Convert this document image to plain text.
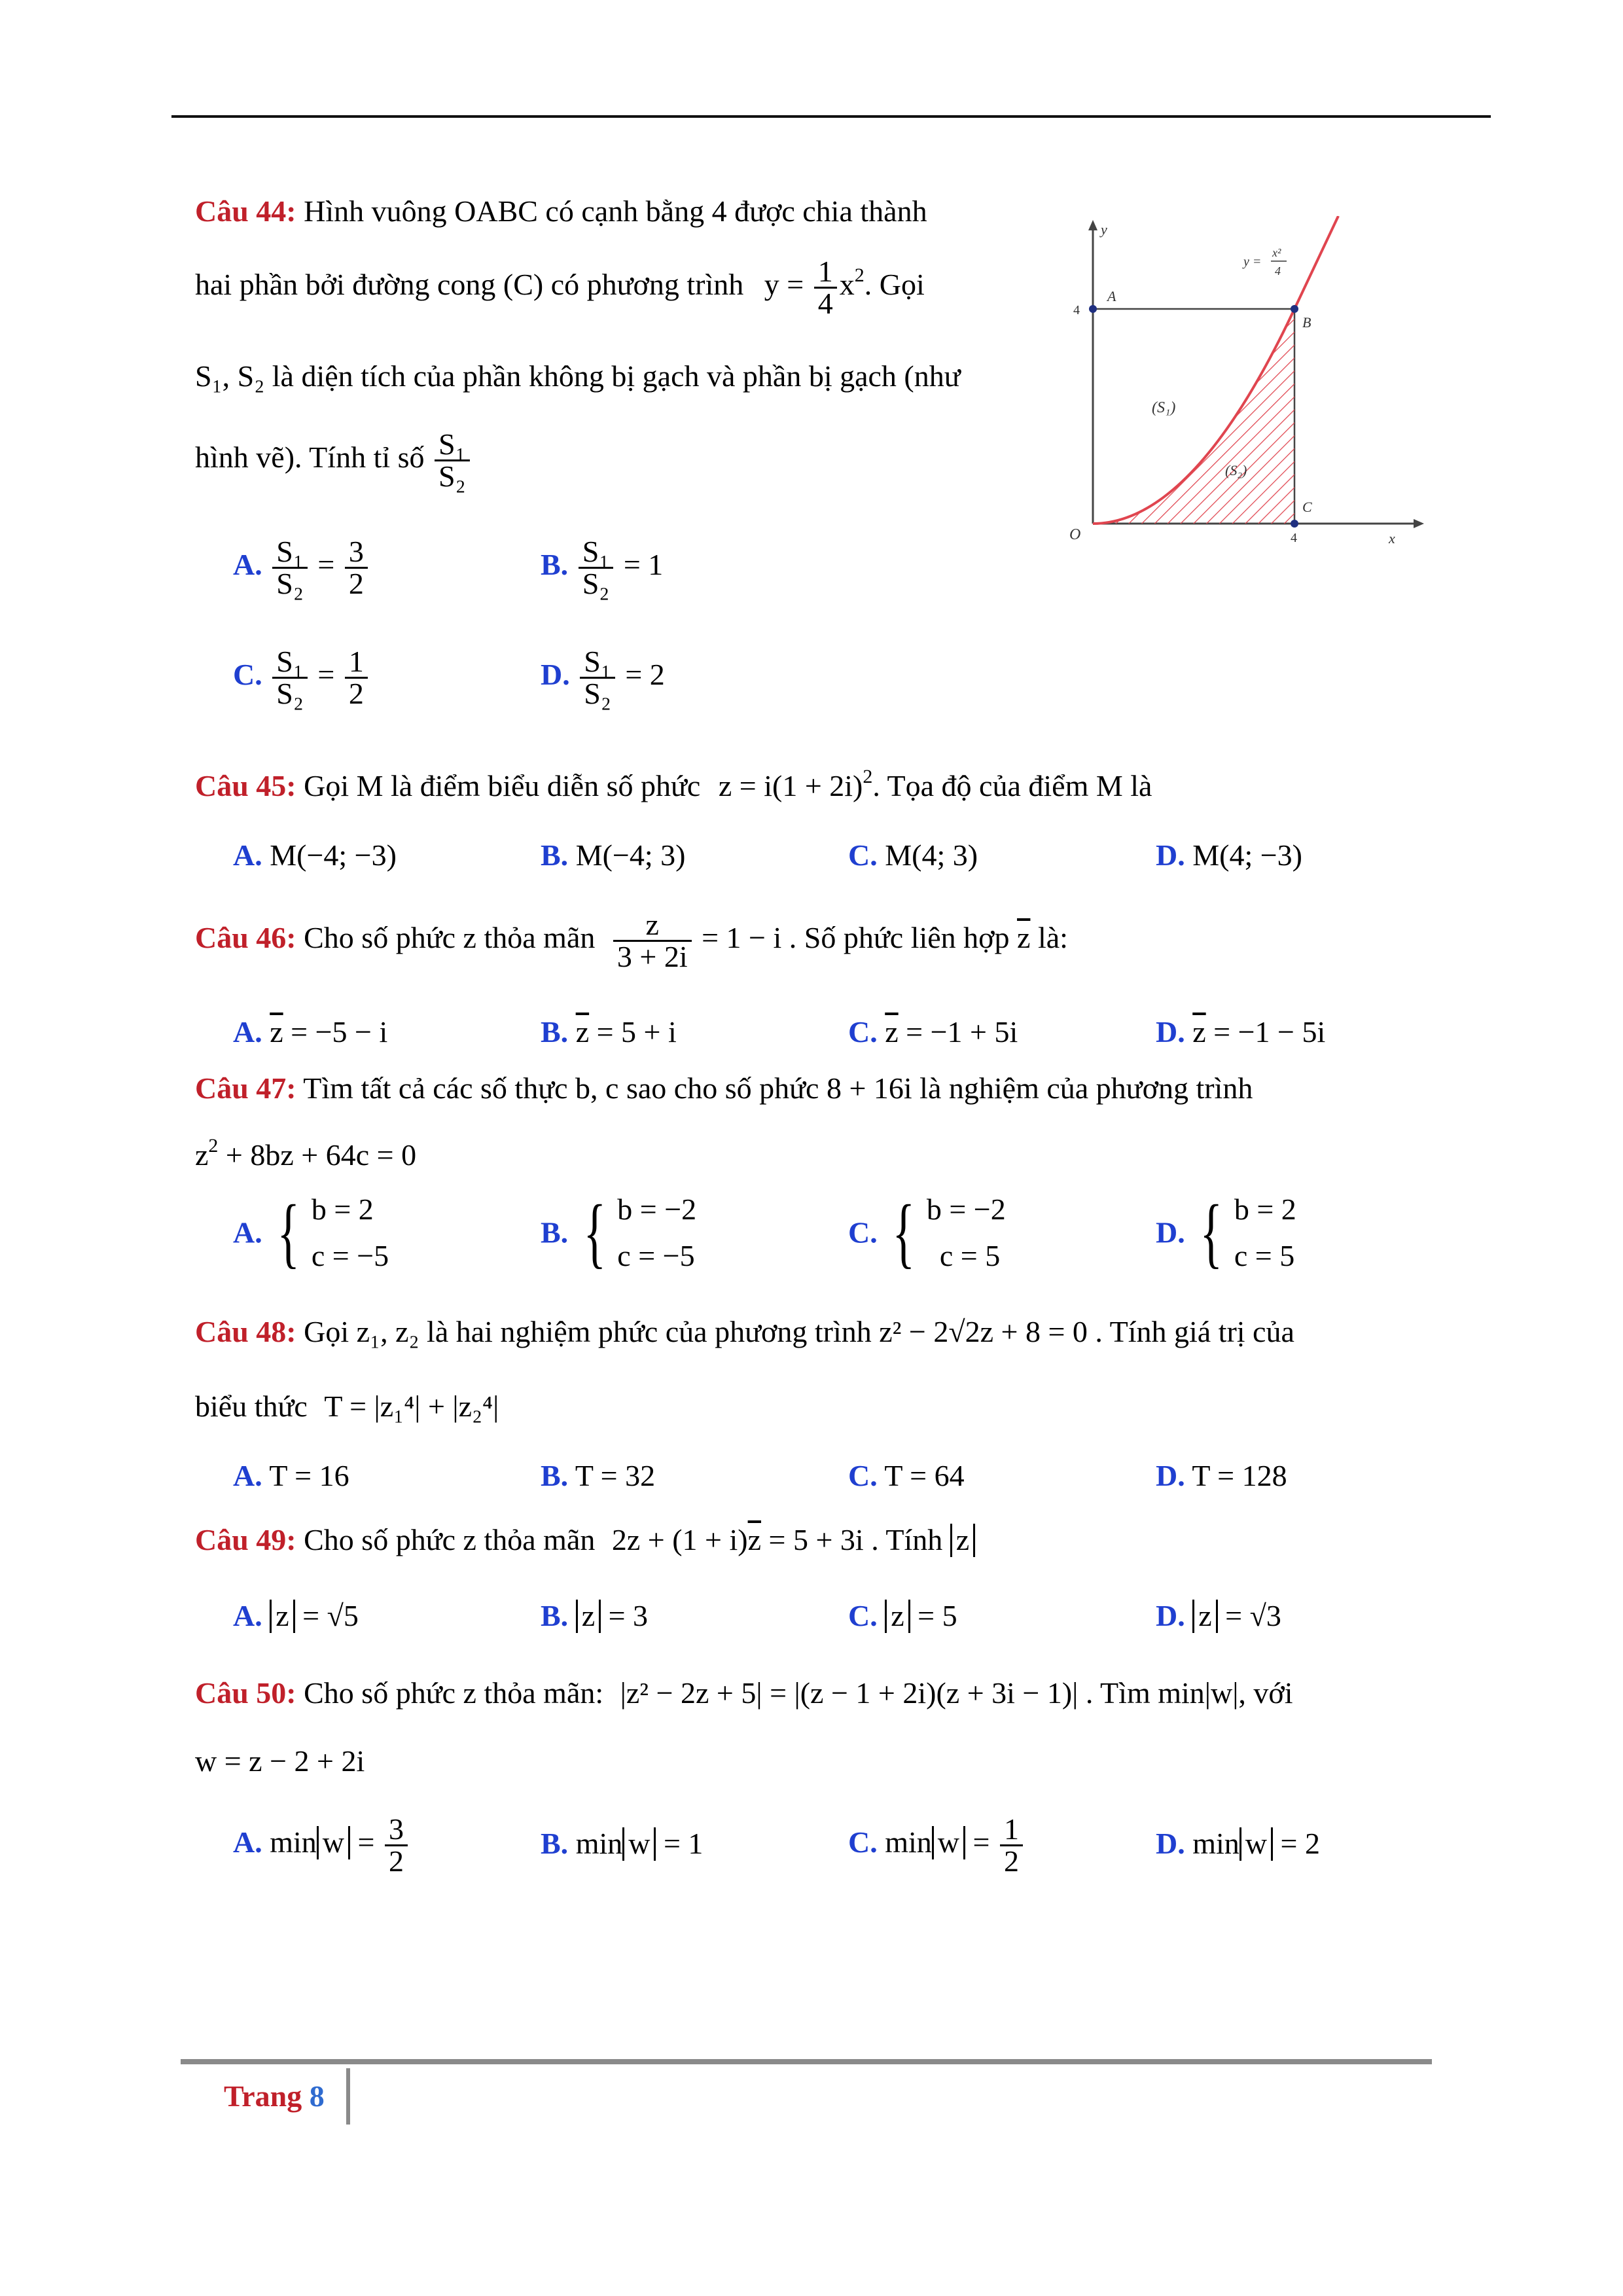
Câu 44: Hình vuông OABC có cạnh bằng 4 được chia thành
hai phần bởi đường cong (C) có phương trình $y = \frac{1}{4} x^2$. Gọi
S₁, S₂ là diện tích của phần không bị gạch và phần bị gạch (như
hình vẽ). Tính tỉ số $\frac{\text{S₁}}{\text{S₂}}$
A. $\frac{\text{S₁}}{\text{S₂}} = \frac{3}{2}$	B. $\frac{\text{S₁}}{\text{S₂}} = 1$
C. $\frac{\text{S₁}}{\text{S₂}} = \frac{1}{2}$	D. $\frac{\text{S₁}}{\text{S₂}} = 2$
y
x
O
A
B
C
4
4
y =
x²
4
(S₁)
(S₂)
Câu 45: Gọi M là điểm biểu diễn số phức $z = i(1 + 2i)^2$. Tọa độ của điểm M là
A. M(−4; −3)	B. M(−4; 3)	C. M(4; 3)	D. M(4; −3)
Câu 46: Cho số phức z thỏa mãn $\frac{z}{3 + 2i} = 1 - i$ . Số phức liên hợp $\overline{z}$ là:
A. $\overline{z} = -5 - i$	B. $\overline{z} = 5 + i$	C. $\overline{z} = -1 + 5i$	D. $\overline{z} = -1 - 5i$
Câu 47: Tìm tất cả các số thực b, c sao cho số phức 8 + 16i là nghiệm của phương trình
$z^2 + 8bz + 64c = 0$
A. { b = 2
c = −5
B. { b = −2
c = −5
C. { b = −2
c = 5
D. { b = 2
c = 5
Câu 48: Gọi z₁, z₂ là hai nghiệm phức của phương trình z² − 2√2z + 8 = 0 . Tính giá trị của
biểu thức T = |z₁⁴| + |z₂⁴|
A. T = 16	B. T = 32	C. T = 64	D. T = 128
Câu 49: Cho số phức z thỏa mãn $2z + (1 + i)\overline{z} = 5 + 3i$ . Tính z
A. z = √5	B. z = 3	C. z = 5	D. z = √3
Câu 50: Cho số phức z thỏa mãn: |z² − 2z + 5| = |(z − 1 + 2i)(z + 3i − 1)| . Tìm min|w|, với
w = z − 2 + 2i
A. $\min w = \frac{3}{2}$	B. min w = 1	C. $\min w = \frac{1}{2}$	D. min w = 2
Trang 8
